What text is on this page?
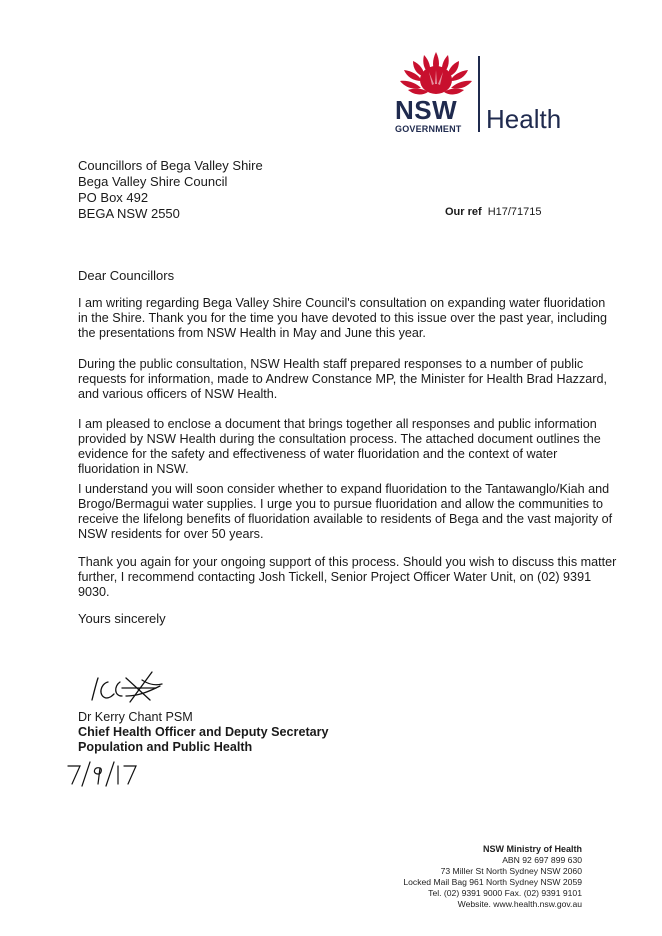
NSW
GOVERNMENT Health
Councillors of Bega Valley Shire
Bega Valley Shire Council
PO Box 492
BEGA NSW 2550	Our ref H17/71715
Dear Councillors
I am writing regarding Bega Valley Shire Council's consultation on expanding water fluoridation in the Shire. Thank you for the time you have devoted to this issue over the past year, including the presentations from NSW Health in May and June this year.
During the public consultation, NSW Health staff prepared responses to a number of public requests for information, made to Andrew Constance MP, the Minister for Health Brad Hazzard, and various officers of NSW Health.
I am pleased to enclose a document that brings together all responses and public information provided by NSW Health during the consultation process. The attached document outlines the evidence for the safety and effectiveness of water fluoridation and the context of water fluoridation in NSW.
I understand you will soon consider whether to expand fluoridation to the Tantawanglo/Kiah and Brogo/Bermagui water supplies. I urge you to pursue fluoridation and allow the communities to receive the lifelong benefits of fluoridation available to residents of Bega and the vast majority of NSW residents for over 50 years.
Thank you again for your ongoing support of this process. Should you wish to discuss this matter further, I recommend contacting Josh Tickell, Senior Project Officer Water Unit, on (02) 9391 9030.
Yours sincerely
Dr Kerry Chant PSM
Chief Health Officer and Deputy Secretary
Population and Public Health
NSW Ministry of Health
ABN 92 697 899 630
73 Miller St North Sydney NSW 2060
Locked Mail Bag 961 North Sydney NSW 2059
Tel. (02) 9391 9000 Fax. (02) 9391 9101
Website. www.health.nsw.gov.au
